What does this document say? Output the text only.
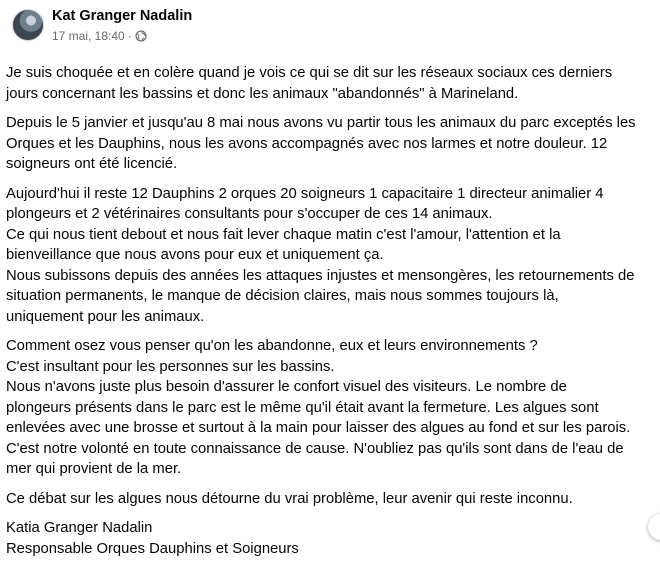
Kat Granger Nadalin
17 mai, 18:40 ·

Je suis choquée et en colère quand je vois ce qui se dit sur les réseaux sociaux ces derniers
jours concernant les bassins et donc les animaux "abandonnés" à Marineland.

Depuis le 5 janvier et jusqu'au 8 mai nous avons vu partir tous les animaux du parc exceptés les
Orques et les Dauphins, nous les avons accompagnés avec nos larmes et notre douleur. 12
soigneurs ont été licencié.

Aujourd'hui il reste 12 Dauphins 2 orques 20 soigneurs 1 capacitaire 1 directeur animalier 4
plongeurs et 2 vétérinaires consultants pour s'occuper de ces 14 animaux.
Ce qui nous tient debout et nous fait lever chaque matin c'est l'amour, l'attention et la
bienveillance que nous avons pour eux et uniquement ça.
Nous subissons depuis des années les attaques injustes et mensongères, les retournements de
situation permanents, le manque de décision claires, mais nous sommes toujours là,
uniquement pour les animaux.

Comment osez vous penser qu'on les abandonne, eux et leurs environnements ?
C'est insultant pour les personnes sur les bassins.
Nous n'avons juste plus besoin d'assurer le confort visuel des visiteurs. Le nombre de
plongeurs présents dans le parc est le même qu'il était avant la fermeture. Les algues sont
enlevées avec une brosse et surtout à la main pour laisser des algues au fond et sur les parois.
C'est notre volonté en toute connaissance de cause. N'oubliez pas qu'ils sont dans de l'eau de
mer qui provient de la mer.

Ce débat sur les algues nous détourne du vrai problème, leur avenir qui reste inconnu.

Katia Granger Nadalin
Responsable Orques Dauphins et Soigneurs
